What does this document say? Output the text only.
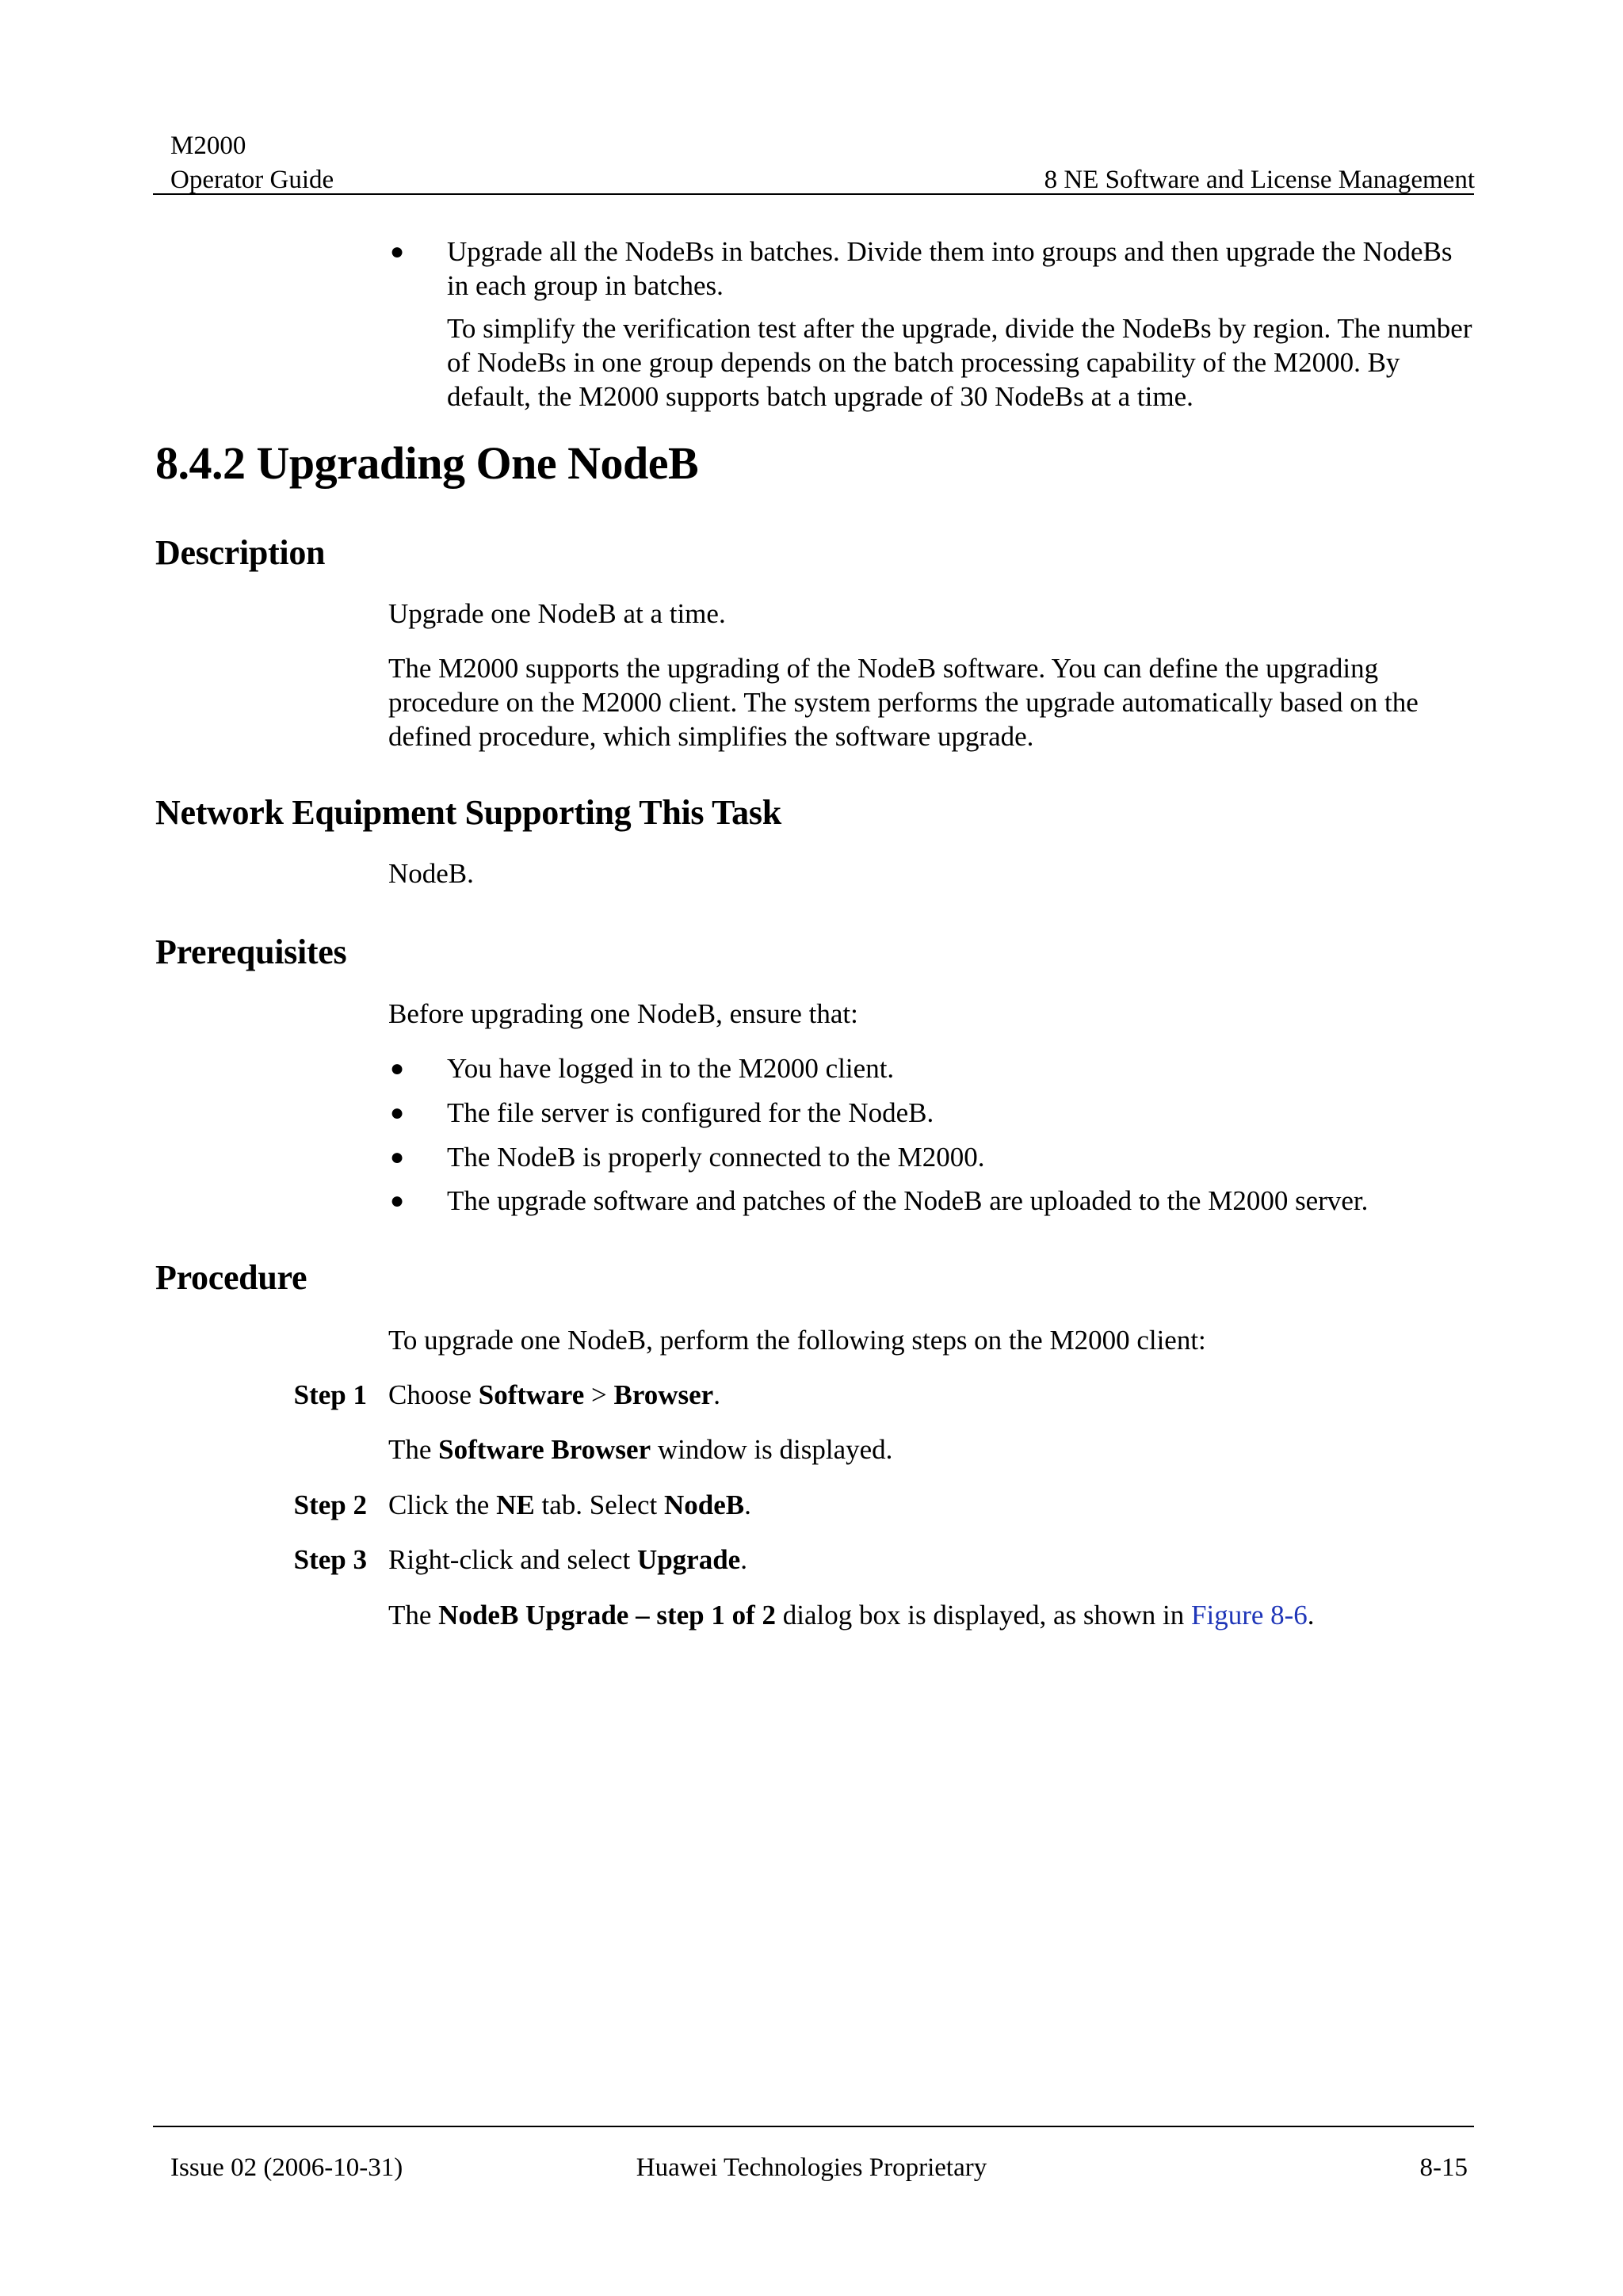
M2000
Operator Guide	8 NE Software and License Management
● Upgrade all the NodeBs in batches. Divide them into groups and then upgrade the NodeBs in each group in batches.

To simplify the verification test after the upgrade, divide the NodeBs by region. The number of NodeBs in one group depends on the batch processing capability of the M2000. By default, the M2000 supports batch upgrade of 30 NodeBs at a time.

8.4.2 Upgrading One NodeB
Description
Upgrade one NodeB at a time.

The M2000 supports the upgrading of the NodeB software. You can define the upgrading procedure on the M2000 client. The system performs the upgrade automatically based on the defined procedure, which simplifies the software upgrade.

Network Equipment Supporting This Task
NodeB.
Prerequisites
Before upgrading one NodeB, ensure that:
● You have logged in to the M2000 client.
● The file server is configured for the NodeB.
● The NodeB is properly connected to the M2000.
● The upgrade software and patches of the NodeB are uploaded to the M2000 server.
Procedure
To upgrade one NodeB, perform the following steps on the M2000 client:
Step 1 Choose Software > Browser.
The Software Browser window is displayed.
Step 2 Click the NE tab. Select NodeB.
Step 3 Right-click and select Upgrade.
The NodeB Upgrade – step 1 of 2 dialog box is displayed, as shown in Figure 8-6.
Issue 02 (2006-10-31)	Huawei Technologies Proprietary	8-15
